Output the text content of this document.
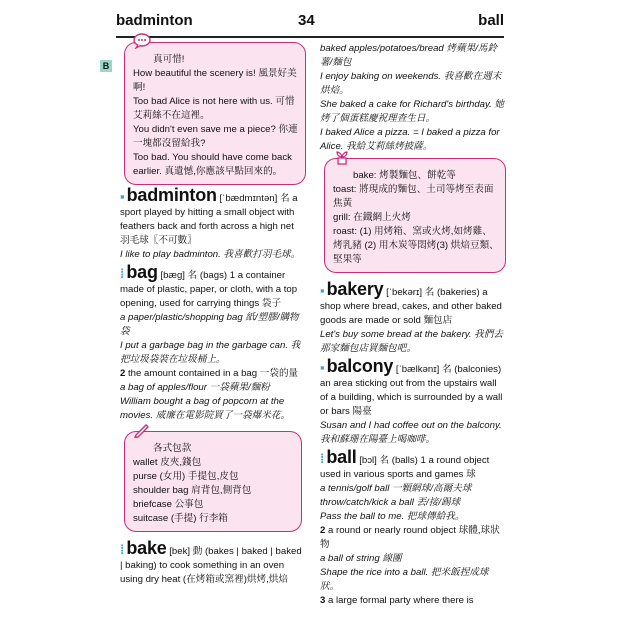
badminton	34	ball
B

真可惜!

How beautiful the scenery is! 風景好美啊!

Too bad Alice is not here with us. 可惜艾莉絲不在這裡。

You didn't even save me a piece? 你連一塊都沒留給我?

Too bad. You should have come back earlier. 真遺憾,你應該早點回來的。

▪ badminton [ˈbædmɪntən] 名 a sport played by hitting a small object with feathers back and forth across a high net 羽毛球〖不可數〗

I like to play badminton. 我喜歡打羽毛球。

⁞ bag [bæg] 名 (bags) 1 a container made of plastic, paper, or cloth, with a top opening, used for carrying things 袋子

a paper/plastic/shopping bag 紙/塑膠/購物袋

I put a garbage bag in the garbage can. 我把垃圾袋裝在垃圾桶上。

2 the amount contained in a bag 一袋的量

a bag of apples/flour 一袋蘋果/麵粉

William bought a bag of popcorn at the movies. 威廉在電影院買了一袋爆米花。

各式包款

wallet 皮夾,錢包

purse (女用) 手提包,皮包

shoulder bag 肩背包,側背包

briefcase 公事包

suitcase (手提) 行李箱

⁞ bake [bek] 動 (bakes | baked | baked | baking) to cook something in an oven using dry heat (在烤箱或窯裡)烘烤,烘焙

baked apples/potatoes/bread 烤蘋果/馬鈴薯/麵包

I enjoy baking on weekends. 我喜歡在週末烘焙。

She baked a cake for Richard's birthday. 她烤了個蛋糕慶祝理查生日。

I baked Alice a pizza. = I baked a pizza for Alice. 我給艾莉絲烤披薩。

bake: 烤製麵包、餅乾等

toast: 將現成的麵包、土司等烤至表面焦黃

grill: 在鐵網上火烤

roast: (1) 用烤箱、窯或火烤,如烤雞、烤乳豬 (2) 用木炭等悶烤(3) 烘焙豆類、堅果等

▪ bakery [ˈbekərɪ] 名 (bakeries) a shop where bread, cakes, and other baked goods are made or sold 麵包店

Let's buy some bread at the bakery. 我們去那家麵包店買麵包吧。

▪ balcony [ˈbælkənɪ] 名 (balconies) an area sticking out from the upstairs wall of a building, which is surrounded by a wall or bars 陽臺

Susan and I had coffee out on the balcony. 我和蘇珊在陽臺上喝咖啡。

⁞ ball [bɔl] 名 (balls) 1 a round object used in various sports and games 球

a tennis/golf ball 一顆網球/高爾夫球

throw/catch/kick a ball 丟/接/踢球

Pass the ball to me. 把球傳給我。

2 a round or nearly round object 球體,球狀物

a ball of string 線團

Shape the rice into a ball. 把米飯捏成球狀。

3 a large formal party where there is
